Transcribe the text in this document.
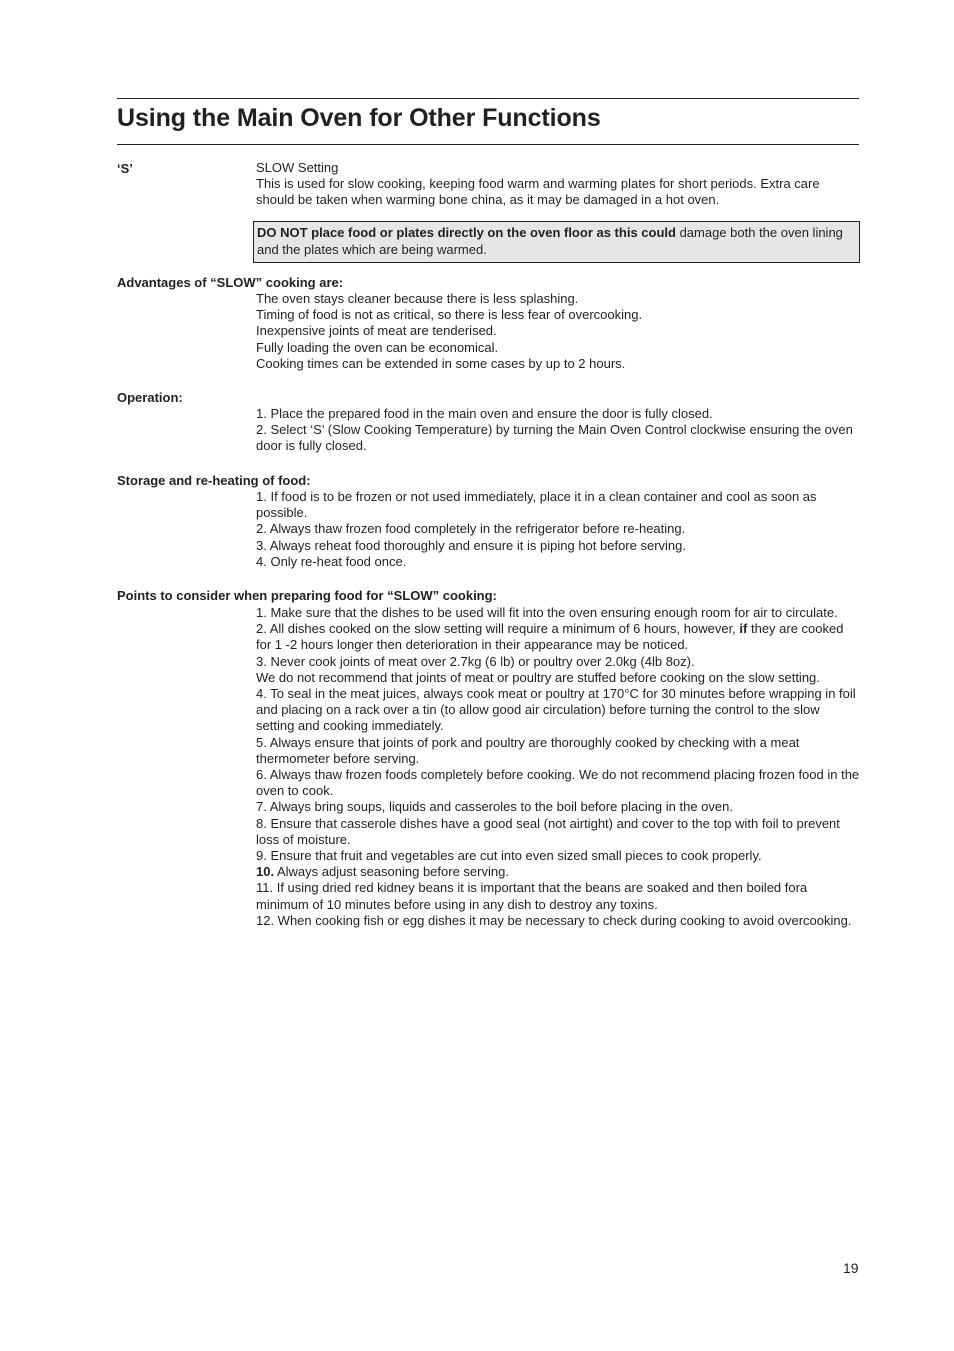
Using the Main Oven for Other Functions
‘S’	SLOW Setting
This is used for slow cooking, keeping food warm and warming plates for short periods. Extra care should be taken when warming bone china, as it may be damaged in a hot oven.
DO NOT place food or plates directly on the oven floor as this could damage both the oven lining and the plates which are being warmed.
Advantages of “SLOW” cooking are:
The oven stays cleaner because there is less splashing.
Timing of food is not as critical, so there is less fear of overcooking.
Inexpensive joints of meat are tenderised.
Fully loading the oven can be economical.
Cooking times can be extended in some cases by up to 2 hours.
Operation:
1. Place the prepared food in the main oven and ensure the door is fully closed.
2. Select ‘S’ (Slow Cooking Temperature) by turning the Main Oven Control clockwise ensuring the oven door is fully closed.
Storage and re-heating of food:
1. If food is to be frozen or not used immediately, place it in a clean container and cool as soon as possible.
2. Always thaw frozen food completely in the refrigerator before re-heating.
3. Always reheat food thoroughly and ensure it is piping hot before serving.
4. Only re-heat food once.
Points to consider when preparing food for “SLOW” cooking:
1. Make sure that the dishes to be used will fit into the oven ensuring enough room for air to circulate.
2. All dishes cooked on the slow setting will require a minimum of 6 hours, however, if they are cooked for 1 -2 hours longer then deterioration in their appearance may be noticed.
3. Never cook joints of meat over 2.7kg (6 lb) or poultry over 2.0kg (4lb 8oz).
We do not recommend that joints of meat or poultry are stuffed before cooking on the slow setting.
4. To seal in the meat juices, always cook meat or poultry at 170°C for 30 minutes before wrapping in foil and placing on a rack over a tin (to allow good air circulation) before turning the control to the slow setting and cooking immediately.
5. Always ensure that joints of pork and poultry are thoroughly cooked by checking with a meat thermometer before serving.
6. Always thaw frozen foods completely before cooking. We do not recommend placing frozen food in the oven to cook.
7. Always bring soups, liquids and casseroles to the boil before placing in the oven.
8. Ensure that casserole dishes have a good seal (not airtight) and cover to the top with foil to prevent loss of moisture.
9. Ensure that fruit and vegetables are cut into even sized small pieces to cook properly.
10. Always adjust seasoning before serving.
11. If using dried red kidney beans it is important that the beans are soaked and then boiled fora minimum of 10 minutes before using in any dish to destroy any toxins.
12. When cooking fish or egg dishes it may be necessary to check during cooking to avoid overcooking.
19
